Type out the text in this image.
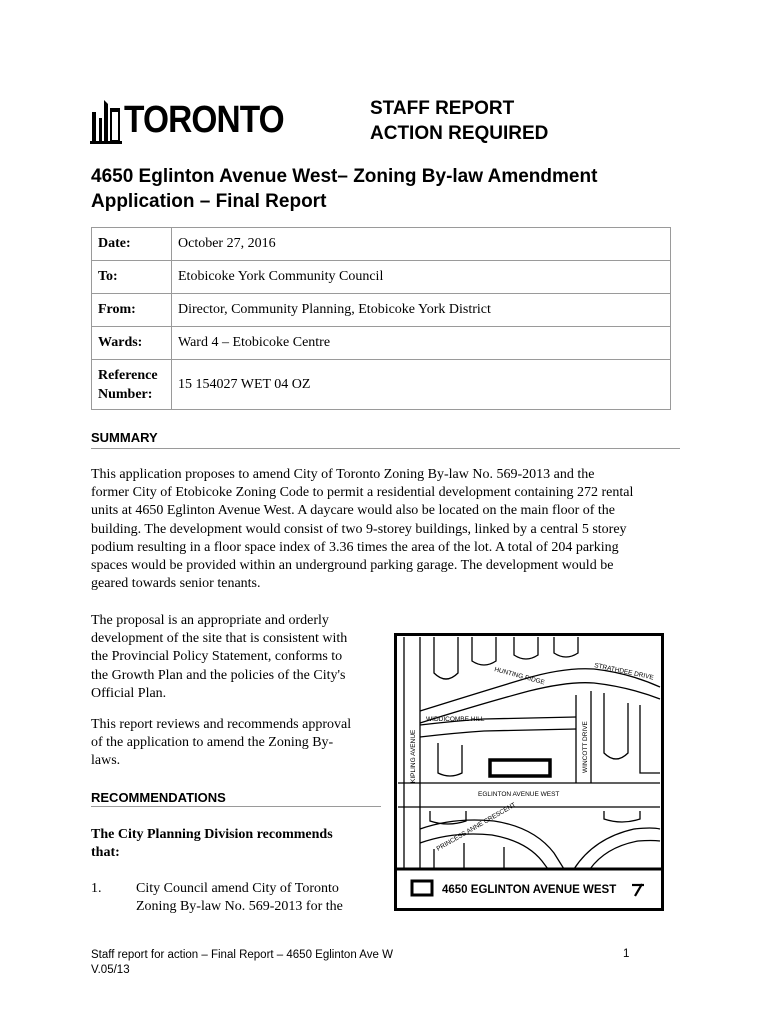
TORONTO	STAFF REPORT
ACTION REQUIRED
4650 Eglinton Avenue West– Zoning By-law Amendment
Application – Final Report
Date:	October 27, 2016
To:	Etobicoke York Community Council
From:	Director, Community Planning, Etobicoke York District
Wards:	Ward 4 – Etobicoke Centre

Reference
Number:	15 154027 WET 04 OZ
SUMMARY
This application proposes to amend City of Toronto Zoning By-law No. 569-2013 and the
former City of Etobicoke Zoning Code to permit a residential development containing 272 rental
units at 4650 Eglinton Avenue West. A daycare would also be located on the main floor of the
building. The development would consist of two 9-storey buildings, linked by a central 5 storey
podium resulting in a floor space index of 3.36 times the area of the lot. A total of 204 parking
spaces would be provided within an underground parking garage. The development would be
geared towards senior tenants.
The proposal is an appropriate and orderly
development of the site that is consistent with
the Provincial Policy Statement, conforms to
the Growth Plan and the policies of the City's
Official Plan.
This report reviews and recommends approval
of the application to amend the Zoning By-
laws.
RECOMMENDATIONS
The City Planning Division recommends
that:
1. City Council amend City of Toronto
Zoning By-law No. 569-2013 for the
HUNTING RIDGE	STRATHDEE DRIVE
WIDDICOMBE HILL
KIPLING AVENUE	WINCOTT DRIVE
EGLINTON AVENUE WEST
PRINCESS ANNE CRESCENT
4650 EGLINTON AVENUE WEST
Staff report for action – Final Report – 4650 Eglinton Ave W
V.05/13
1
